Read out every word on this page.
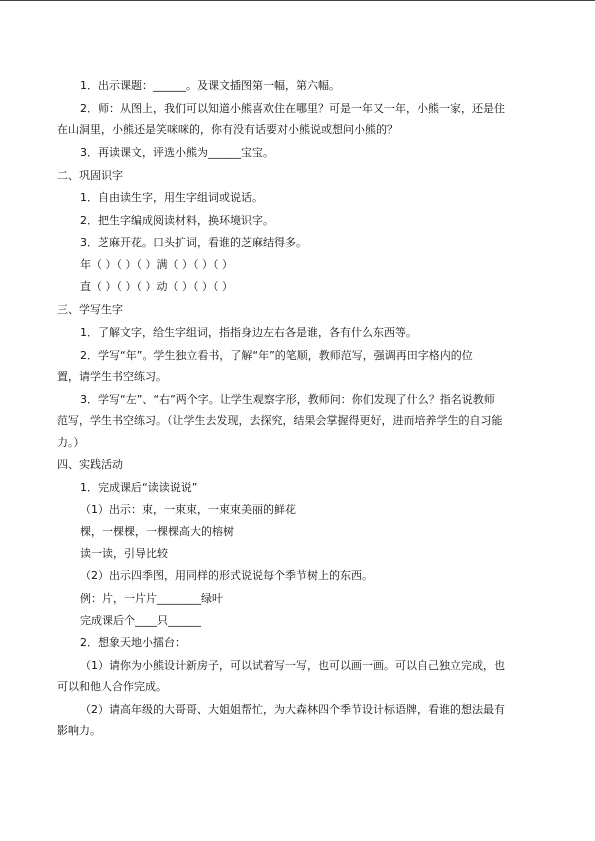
1．出示课题：______。及课文插图第一幅，第六幅。
2．师：从图上，我们可以知道小熊喜欢住在哪里？可是一年又一年，小熊一家，还是住
在山洞里，小熊还是笑咪咪的，你有没有话要对小熊说或想问小熊的？
3．再读课文，评选小熊为______宝宝。
二、巩固识字
1．自由读生字，用生字组词或说话。
2．把生字编成阅读材料，换环境识字。
3．芝麻开花。口头扩词，看谁的芝麻结得多。
年（ ）（ ）（ ）满（ ）（ ）（ ）
直（ ）（ ）（ ）动（ ）（ ）（ ）
三、学写生字
1．了解文字，给生字组词，指指身边左右各是谁，各有什么东西等。
2．学写“年”。学生独立看书，了解“年”的笔顺，教师范写，强调再田字格内的位
置，请学生书空练习。
3．学写“左”、“右”两个字。让学生观察字形，教师问：你们发现了什么？指名说教师
范写，学生书空练习。（让学生去发现，去探究，结果会掌握得更好，进而培养学生的自习能
力。）
四、实践活动
1．完成课后“读读说说”
（1）出示：束，一束束，一束束美丽的鲜花
棵，一棵棵，一棵棵高大的榕树
读一读，引导比较
（2）出示四季图，用同样的形式说说每个季节树上的东西。
例：片，一片片________绿叶
完成课后个____只______
2．想象天地小擂台：
（1）请你为小熊设计新房子，可以试着写一写，也可以画一画。可以自己独立完成，也
可以和他人合作完成。
（2）请高年级的大哥哥、大姐姐帮忙，为大森林四个季节设计标语牌，看谁的想法最有
影响力。
